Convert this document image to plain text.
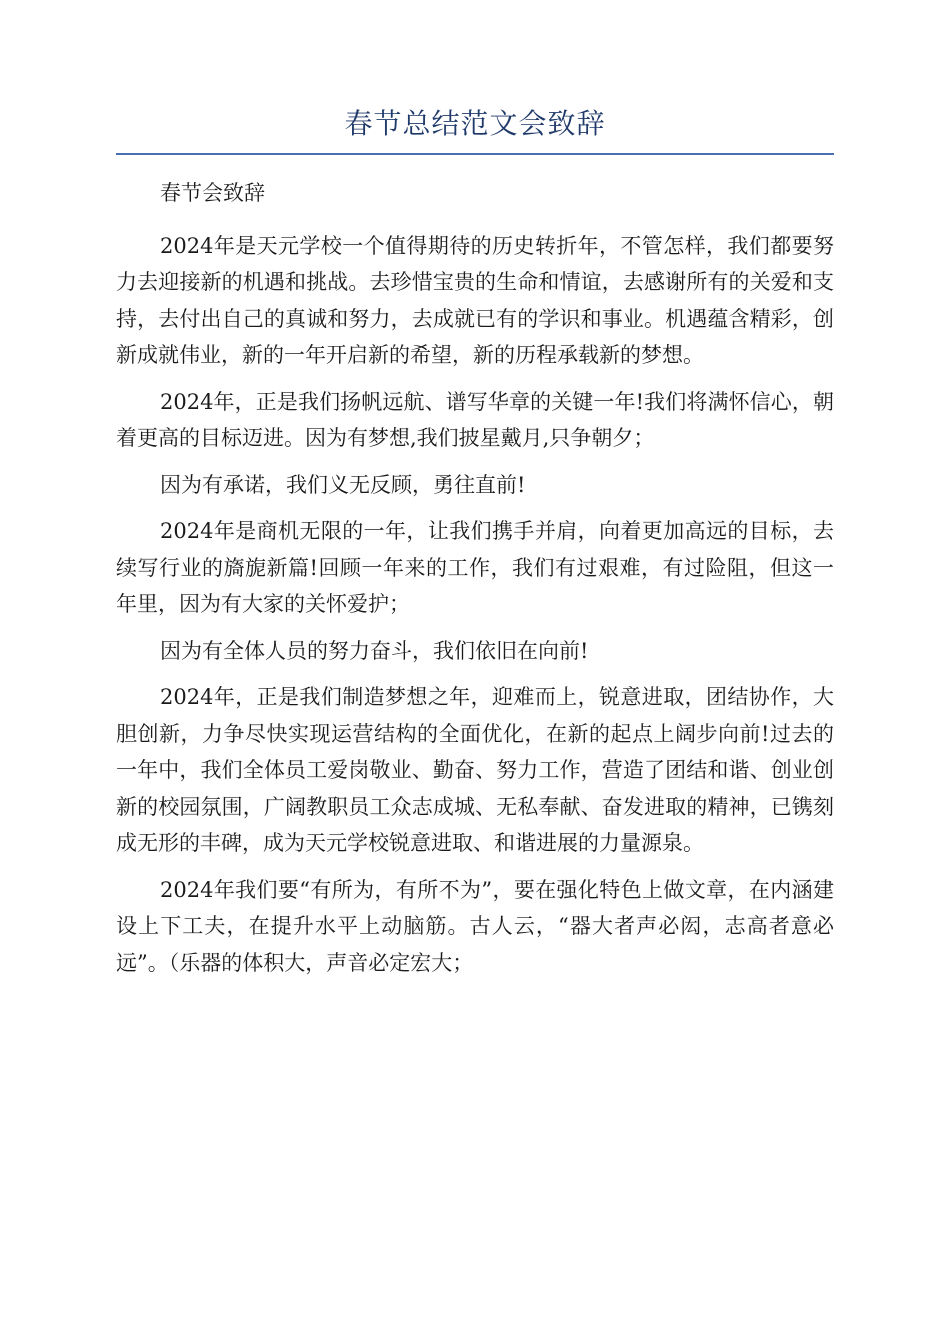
春节总结范文会致辞

春节会致辞

2024年是天元学校一个值得期待的历史转折年，不管怎样，我们都要努力去迎接新的机遇和挑战。去珍惜宝贵的生命和情谊，去感谢所有的关爱和支持，去付出自己的真诚和努力，去成就已有的学识和事业。机遇蕴含精彩，创新成就伟业，新的一年开启新的希望，新的历程承载新的梦想。

2024年，正是我们扬帆远航、谱写华章的关键一年!我们将满怀信心，朝着更高的目标迈进。因为有梦想,我们披星戴月,只争朝夕；

因为有承诺，我们义无反顾，勇往直前!

2024年是商机无限的一年，让我们携手并肩，向着更加高远的目标，去续写行业的旖旎新篇!回顾一年来的工作，我们有过艰难，有过险阻，但这一年里，因为有大家的关怀爱护；

因为有全体人员的努力奋斗，我们依旧在向前!

2024年，正是我们制造梦想之年，迎难而上，锐意进取，团结协作，大胆创新，力争尽快实现运营结构的全面优化，在新的起点上阔步向前!过去的一年中，我们全体员工爱岗敬业、勤奋、努力工作，营造了团结和谐、创业创新的校园氛围，广阔教职员工众志成城、无私奉献、奋发进取的精神，已镌刻成无形的丰碑，成为天元学校锐意进取、和谐进展的力量源泉。

2024年我们要“有所为，有所不为”，要在强化特色上做文章，在内涵建设上下工夫，在提升水平上动脑筋。古人云，“器大者声必闳，志高者意必远”。（乐器的体积大，声音必定宏大；
